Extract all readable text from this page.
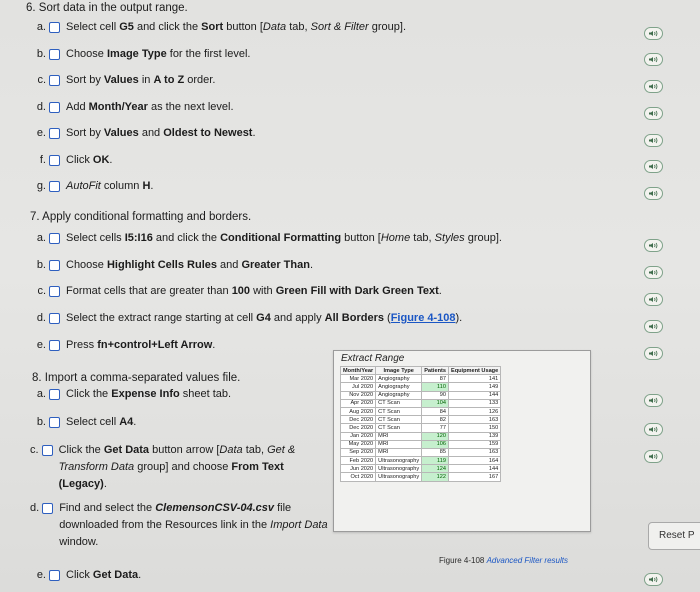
6. Sort data in the output range.
a. Select cell G5 and click the Sort button [Data tab, Sort & Filter group].
b. Choose Image Type for the first level.
c. Sort by Values in A to Z order.
d. Add Month/Year as the next level.
e. Sort by Values and Oldest to Newest.
f. Click OK.
g. AutoFit column H.
7. Apply conditional formatting and borders.
a. Select cells I5:I16 and click the Conditional Formatting button [Home tab, Styles group].
b. Choose Highlight Cells Rules and Greater Than.
c. Format cells that are greater than 100 with Green Fill with Dark Green Text.
d. Select the extract range starting at cell G4 and apply All Borders (Figure 4-108).
e. Press fn+control+Left Arrow.
8. Import a comma-separated values file.
a. Click the Expense Info sheet tab.
b. Select cell A4.
c. Click the Get Data button arrow [Data tab, Get & Transform Data group] and choose From Text (Legacy).
d. Find and select the ClemensonCSV-04.csv file downloaded from the Resources link in the Import Data window.
e. Click Get Data.
Extract Range
Month/Year	Image Type	Patients	Equipment Usage
Mar 2020	Angiography	87	141
Jul 2020	Angiography	110	149
Nov 2020	Angiography	90	144
Apr 2020	CT Scan	104	133
Aug 2020	CT Scan	84	126
Dec 2020	CT Scan	82	163
Dec 2020	CT Scan	77	150
Jan 2020	MRI	120	139
May 2020	MRI	106	159
Sep 2020	MRI	85	163
Feb 2020	Ultrasonography	119	164
Jun 2020	Ultrasonography	124	144
Oct 2020	Ultrasonography	122	167
Figure 4-108 Advanced Filter results
Reset P
